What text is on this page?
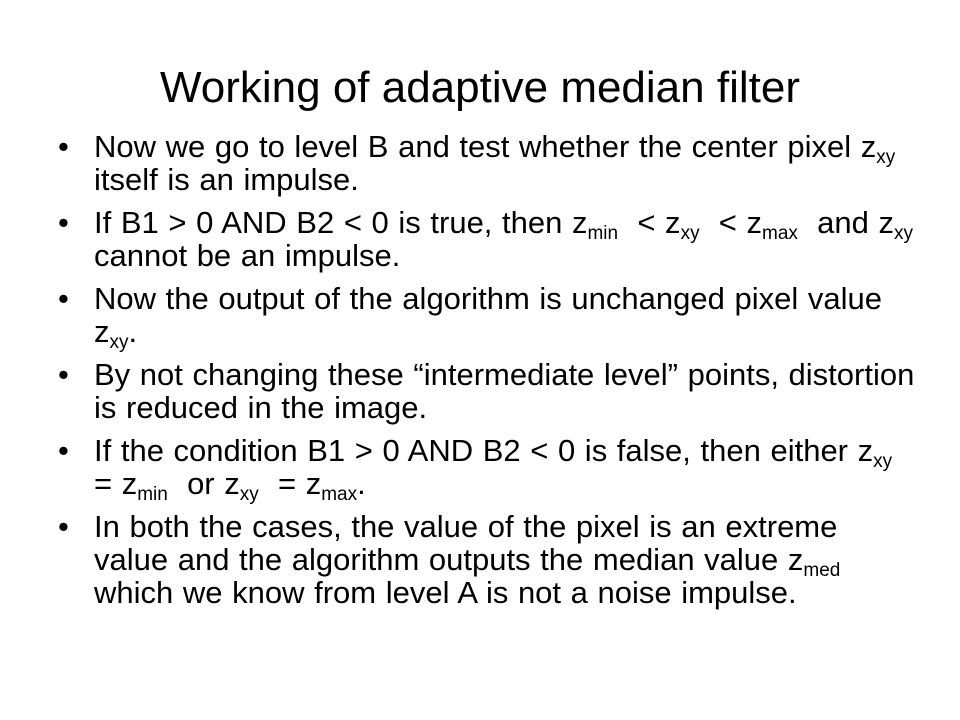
Working of adaptive median filter
• Now we go to level B and test whether the center pixel $z_{xy}$ itself is an impulse.
• If B1 > 0 AND B2 < 0 is true, then $z_{min} < z_{xy} < z_{max}$  and $z_{xy}$ cannot be an impulse.
• Now the output of the algorithm is unchanged pixel value $z_{xy}$.
• By not changing these “intermediate level” points, distortion is reduced in the image.
• If the condition B1 > 0 AND B2 < 0 is false, then either $z_{xy} = z_{min}$  or $z_{xy} = z_{max}$.
• In both the cases, the value of the pixel is an extreme value and the algorithm outputs the median value $z_{med}$  which we know from level A is not a noise impulse.
